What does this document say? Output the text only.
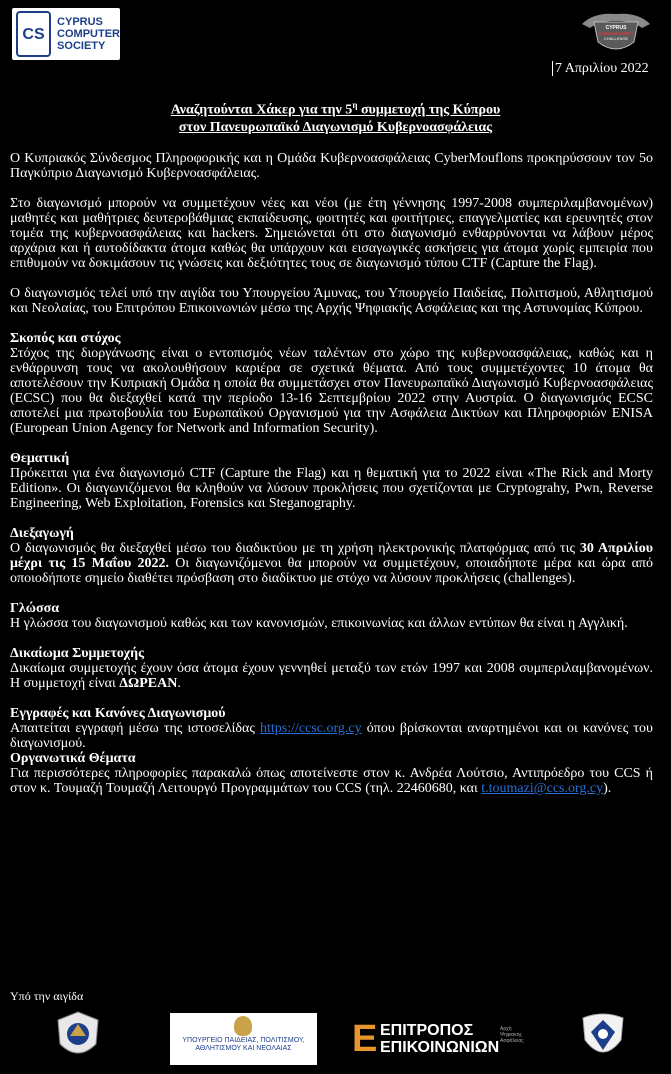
CS
CYPRUS
COMPUTER
SOCIETY
CYPRUS
CYBER SECURITY
CHALLENGE
7 Απριλίου 2022
Αναζητούνται Χάκερ για την $5^\eta$ συμμετοχή της Κύπρου
στον Πανευρωπαϊκό Διαγωνισμό Κυβερνοασφάλειας

Ο Κυπριακός Σύνδεσμος Πληροφορικής και η Ομάδα Κυβερνοασφάλειας CyberMouflons προκηρύσσουν τον 5ο Παγκύπριο Διαγωνισμό Κυβερνοασφάλειας.

Στο διαγωνισμό μπορούν να συμμετέχουν νέες και νέοι (με έτη γέννησης 1997-2008 συμπεριλαμβανομένων) μαθητές και μαθήτριες δευτεροβάθμιας εκπαίδευσης, φοιτητές και φοιτήτριες, επαγγελματίες και ερευνητές στον τομέα της κυβερνοασφάλειας και hackers. Σημειώνεται ότι στο διαγωνισμό ενθαρρύνονται να λάβουν μέρος αρχάρια και ή αυτοδίδακτα άτομα καθώς θα υπάρχουν και εισαγωγικές ασκήσεις για άτομα χωρίς εμπειρία που επιθυμούν να δοκιμάσουν τις γνώσεις και δεξιότητες τους σε διαγωνισμό τύπου CTF (Capture the Flag).

Ο διαγωνισμός τελεί υπό την αιγίδα του Υπουργείου Άμυνας, του Υπουργείο Παιδείας, Πολιτισμού, Αθλητισμού και Νεολαίας, του Επιτρόπου Επικοινωνιών μέσω της Αρχής Ψηφιακής Ασφάλειας και της Αστυνομίας Κύπρου.

Σκοπός και στόχος

Στόχος της διοργάνωσης είναι ο εντοπισμός νέων ταλέντων στο χώρο της κυβερνοασφάλειας, καθώς και η ενθάρρυνση τους να ακολουθήσουν καριέρα σε σχετικά θέματα. Από τους συμμετέχοντες 10 άτομα θα αποτελέσουν την Κυπριακή Ομάδα η οποία θα συμμετάσχει στον Πανευρωπαϊκό Διαγωνισμό Κυβερνοασφάλειας (ECSC) που θα διεξαχθεί κατά την περίοδο 13-16 Σεπτεμβρίου 2022 στην Αυστρία. Ο διαγωνισμός ECSC αποτελεί μια πρωτοβουλία του Ευρωπαϊκού Οργανισμού για την Ασφάλεια Δικτύων και Πληροφοριών ENISA (European Union Agency for Network and Information Security).

Θεματική

Πρόκειται για ένα διαγωνισμό CTF (Capture the Flag) και η θεματική για το 2022 είναι «The Rick and Morty Edition». Οι διαγωνιζόμενοι θα κληθούν να λύσουν προκλήσεις που σχετίζονται με Cryptograhy, Pwn, Reverse Engineering, Web Exploitation, Forensics και Steganography.

Διεξαγωγή

Ο διαγωνισμός θα διεξαχθεί μέσω του διαδικτύου με τη χρήση ηλεκτρονικής πλατφόρμας από τις 30 Απριλίου μέχρι τις 15 Μαΐου 2022. Οι διαγωνιζόμενοι θα μπορούν να συμμετέχουν, οποιαδήποτε μέρα και ώρα από οποιοδήποτε σημείο διαθέτει πρόσβαση στο διαδίκτυο με στόχο να λύσουν προκλήσεις (challenges).

Γλώσσα

Η γλώσσα του διαγωνισμού καθώς και των κανονισμών, επικοινωνίας και άλλων εντύπων θα είναι η Αγγλική.

Δικαίωμα Συμμετοχής

Δικαίωμα συμμετοχής έχουν όσα άτομα έχουν γεννηθεί μεταξύ των ετών 1997 και 2008 συμπεριλαμβανομένων. Η συμμετοχή είναι ΔΩΡΕΑΝ.

Εγγραφές και Κανόνες Διαγωνισμού

Απαιτείται εγγραφή μέσω της ιστοσελίδας https://ccsc.org.cy όπου βρίσκονται αναρτημένοι και οι κανόνες του διαγωνισμού.

Οργανωτικά Θέματα

Για περισσότερες πληροφορίες παρακαλώ όπως αποτείνεστε στον κ. Ανδρέα Λούτσιο, Αντιπρόεδρο του CCS ή στον κ. Τουμαζή Τουμαζή Λειτουργό Προγραμμάτων του CCS (τηλ. 22460680, και t.toumazi@ccs.org.cy).

Υπό την αιγίδα
ΥΠΟΥΡΓΕΙΟ ΠΑΙΔΕΙΑΣ, ΠΟΛΙΤΙΣΜΟΥ,
ΑΘΛΗΤΙΣΜΟΥ ΚΑΙ ΝΕΟΛΑΙΑΣ	Ε ΕΠΙΤΡΟΠΟΣ
ΕΠΙΚΟΙΝΩΝΙΩΝ
Αρχή
Ψηφιακής
Ασφάλειας
